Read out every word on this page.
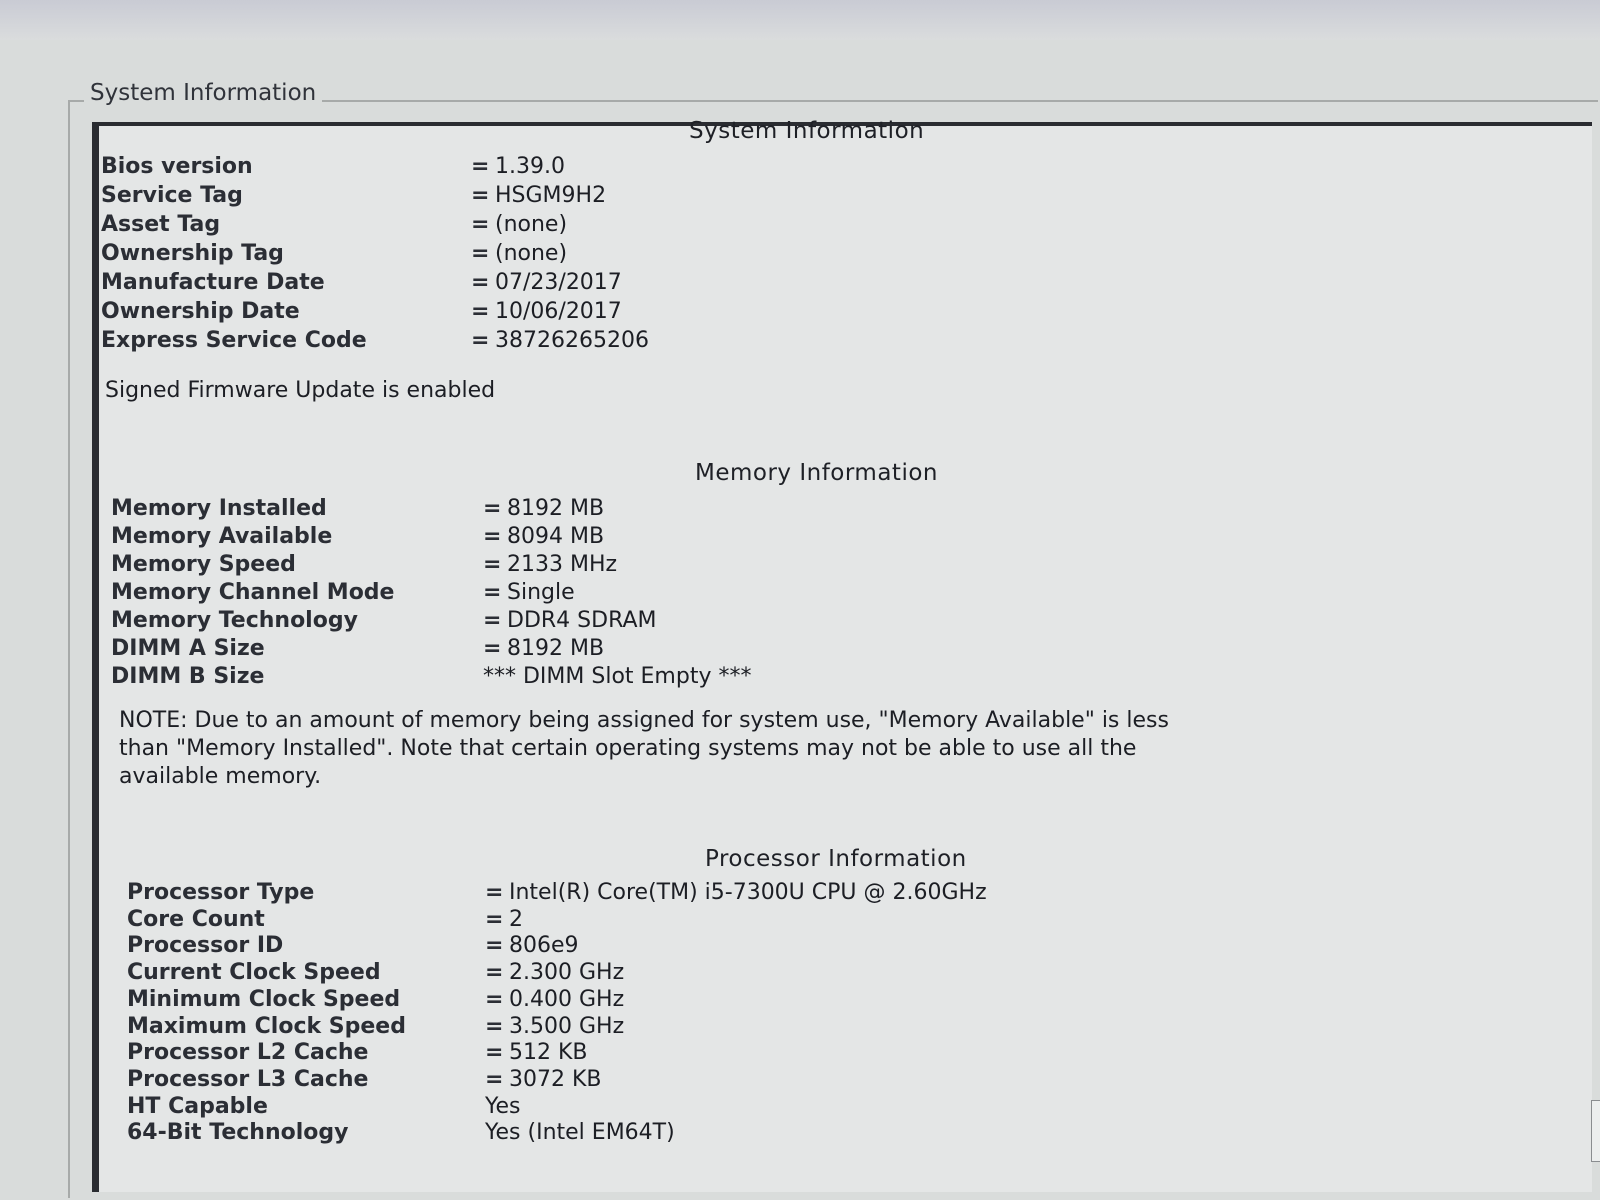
System Information
System Information
Bios version	= 1.39.0
Service Tag	= HSGM9H2
Asset Tag	= (none)
Ownership Tag	= (none)
Manufacture Date	= 07/23/2017
Ownership Date	= 10/06/2017
Express Service Code	= 38726265206
Signed Firmware Update is enabled
Memory Information
Memory Installed	= 8192 MB
Memory Available	= 8094 MB
Memory Speed	= 2133 MHz
Memory Channel Mode	= Single
Memory Technology	= DDR4 SDRAM
DIMM A Size	= 8192 MB
DIMM B Size	*** DIMM Slot Empty ***
NOTE: Due to an amount of memory being assigned for system use, "Memory Available" is less
than "Memory Installed". Note that certain operating systems may not be able to use all the
available memory.
Processor Information
Processor Type	= Intel(R) Core(TM) i5-7300U CPU @ 2.60GHz
Core Count	= 2
Processor ID	= 806e9
Current Clock Speed	= 2.300 GHz
Minimum Clock Speed	= 0.400 GHz
Maximum Clock Speed	= 3.500 GHz
Processor L2 Cache	= 512 KB
Processor L3 Cache	= 3072 KB
HT Capable	Yes
64-Bit Technology	Yes (Intel EM64T)
